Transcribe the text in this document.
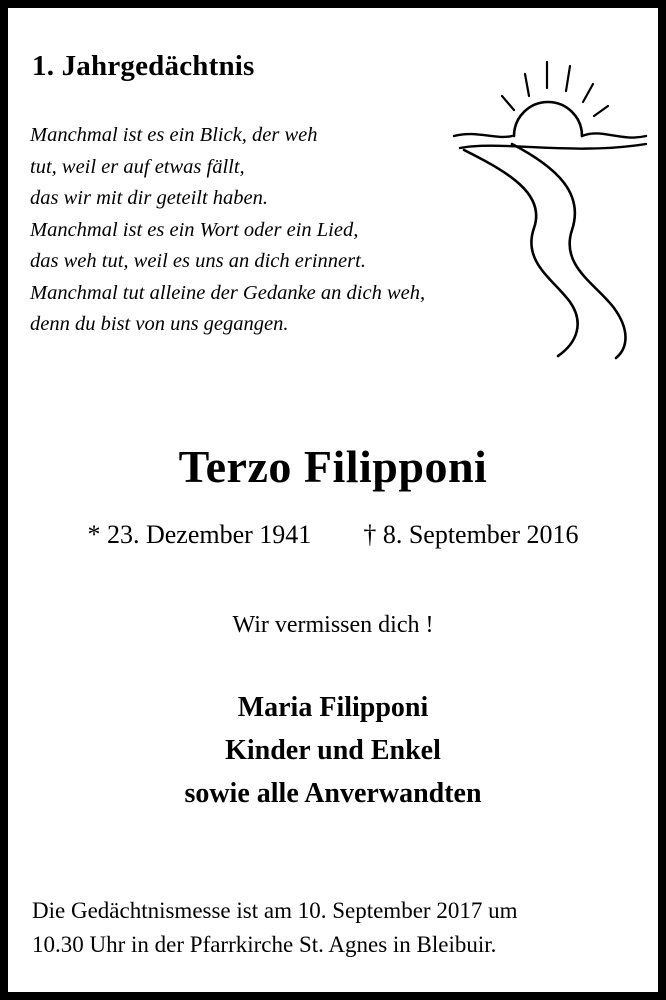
1. Jahrgedächtnis
Manchmal ist es ein Blick, der weh
tut, weil er auf etwas fällt,
das wir mit dir geteilt haben.
Manchmal ist es ein Wort oder ein Lied,
das weh tut, weil es uns an dich erinnert.
Manchmal tut alleine der Gedanke an dich weh,
denn du bist von uns gegangen.
Terzo Filipponi
* 23. Dezember 1941 † 8. September 2016
Wir vermissen dich !
Maria Filipponi
Kinder und Enkel
sowie alle Anverwandten
Die Gedächtnismesse ist am 10. September 2017 um
10.30 Uhr in der Pfarrkirche St. Agnes in Bleibuir.
